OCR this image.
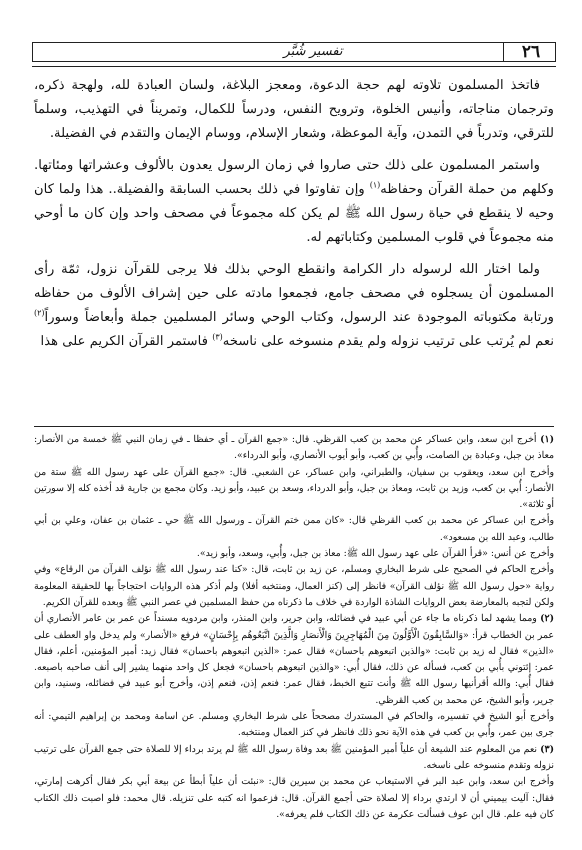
تفسير شُبَّر	٢٦

فاتخذ المسلمون تلاوته لهم حجة الدعوة، ومعجز البلاغة، ولسان العبادة لله، ولهجة ذكره، وترجمان مناجاته، وأنيس الخلوة، وترويح النفس، ودرساً للكمال، وتمريناً في التهذيب، وسلماً للترقي، وتدرباً في التمدن، وآية الموعظة، وشعار الإسلام، ووسام الإيمان والتقدم في الفضيلة.

واستمر المسلمون على ذلك حتى صاروا في زمان الرسول يعدون بالألوف وعشراتها ومئاتها. وكلهم من حملة القرآن وحفاظه$^{(١)}$ وإن تفاوتوا في ذلك بحسب السابقة والفضيلة.. هذا ولما كان وحيه لا ينقطع في حياة رسول الله ﷺ لم يكن كله مجموعاً في مصحف واحد وإن كان ما أوحي منه مجموعاً في قلوب المسلمين وكتاباتهم له.

ولما اختار الله لرسوله دار الكرامة وانقطع الوحي بذلك فلا يرجى للقرآن نزول، ثمّة رأى المسلمون أن يسجلوه في مصحف جامع، فجمعوا مادته على حين إشراف الألوف من حفاظه ورتابة مكتوباته الموجودة عند الرسول، وكتاب الوحي وسائر المسلمين جملة وأبعاضاً وسوراً$^{(٢)}$ نعم لم يُرتب على ترتيب نزوله ولم يقدم منسوخه على ناسخه$^{(٣)}$ فاستمر القرآن الكريم على هذا

(١) أخرج ابن سعد، وابن عساكر عن محمد بن كعب القرظي. قال: «جمع القرآن ـ أي حفظا ـ في زمان النبي ﷺ خمسة من الأنصار: معاذ بن جبل، وعبادة بن الصامت، وأُبي بن كعب، وأبو أيوب الأنصاري، وأبو الدرداء».

وأخرج ابن سعد، ويعقوب بن سفيان، والطبراني، وابن عساكر، عن الشعبي. قال: «جمع القرآن على عهد رسول الله ﷺ ستة من الأنصار: أُبي بن كعب، وزيد بن ثابت، ومعاذ بن جبل، وأبو الدرداء، وسعد بن عبيد، وأبو زيد. وكان مجمع بن جارية قد أخذه كله إلا سورتين أو ثلاثة».

وأخرج ابن عساكر عن محمد بن كعب القرظي قال: «كان ممن ختم القرآن ـ ورسول الله ﷺ حي ـ عثمان بن عفان، وعلي بن أبي طالب، وعبد الله بن مسعود».

وأخرج عن أنس: «قرأ القرآن على عهد رسول الله ﷺ: معاذ بن جبل، وأُبي، وسعد، وأبو زيد».

وأخرج الحاكم في الصحيح على شرط البخاري ومسلم، عن زيد بن ثابت، قال: «كنا عند رسول الله ﷺ نؤلف القرآن من الرقاع» وفي رواية «حول رسول الله ﷺ نؤلف القرآن» فانظر إلى (كنز العمال، ومنتخبه أفلا) ولم أذكر هذه الروايات احتجاجاً بها للحقيقة المعلومة ولكن لتجبه بالمعارضة بعض الروايات الشاذة الواردة في خلاف ما ذكرناه من حفظ المسلمين في عصر النبي ﷺ وبعده للقرآن الكريم.

(٢) ومما يشهد لما ذكرناه ما جاء عن أبي عبيد في فضائله، وابن جرير، وابن المنذر، وابن مردويه مسنداً عن عمر بن عامر الأنصاري أن عمر بن الخطاب قرأ: «وَالسَّابِقُونَ الْأَوَّلُونَ مِنَ الْمُهَاجِرِينَ وَالْأَنصَارِ وَالَّذِينَ اتَّبَعُوهُم بِإِحْسَانٍ» فرفع «الأنصار» ولم يدخل واو العطف على «الذين» فقال له زيد بن ثابت: «والذين اتبعوهم باحسان» فقال عمر: «الذين اتبعوهم باحسان» فقال زيد: أمير المؤمنين، أعلم، فقال عمر: إئتوني بأُبي بن كعب، فسأله عن ذلك، فقال أُبي: «والذين اتبعوهم باحسان» فجعل كل واحد منهما يشير إلى أنف صاحبه باصبعه. فقال أُبي: والله أقرأنيها رسول الله ﷺ وأنت تتبع الخبط، فقال عمر: فنعم إذن، فنعم إذن، وأخرج أبو عبيد في فضائله، وسنيد، وابن جرير، وأبو الشيخ، عن محمد بن كعب القرظي.

وأخرج أبو الشيخ في تفسيره، والحاكم في المستدرك مصححاً على شرط البخاري ومسلم. عن اسامة ومحمد بن إبراهيم التيمي: أنه جرى بين عمر، وأُبي بن كعب في هذه الآية نحو ذلك فانظر في كنز العمال ومنتخبه.

(٣) نعم من المعلوم عند الشيعة أن علياً أمير المؤمنين ﷺ بعد وفاة رسول الله ﷺ لم يرتد برداء إلا للصلاة حتى جمع القرآن على ترتيب نزوله وتقدم منسوخه على ناسخه.

وأخرج ابن سعد، وابن عبد البر في الاستيعاب عن محمد بن سيرين قال: «نبئت أن علياً أبطأ عن بيعة أبي بكر فقال أكرهت إمارتي، فقال: آليت بيميني أن لا ارتدي برداء إلا لصلاة حتى أجمع القرآن. قال: فزعموا انه كتبه على تنزيله. قال محمد: فلو اصبت ذلك الكتاب كان فيه علم. قال ابن عوف فسألت عكرمة عن ذلك الكتاب فلم يعرفه».
